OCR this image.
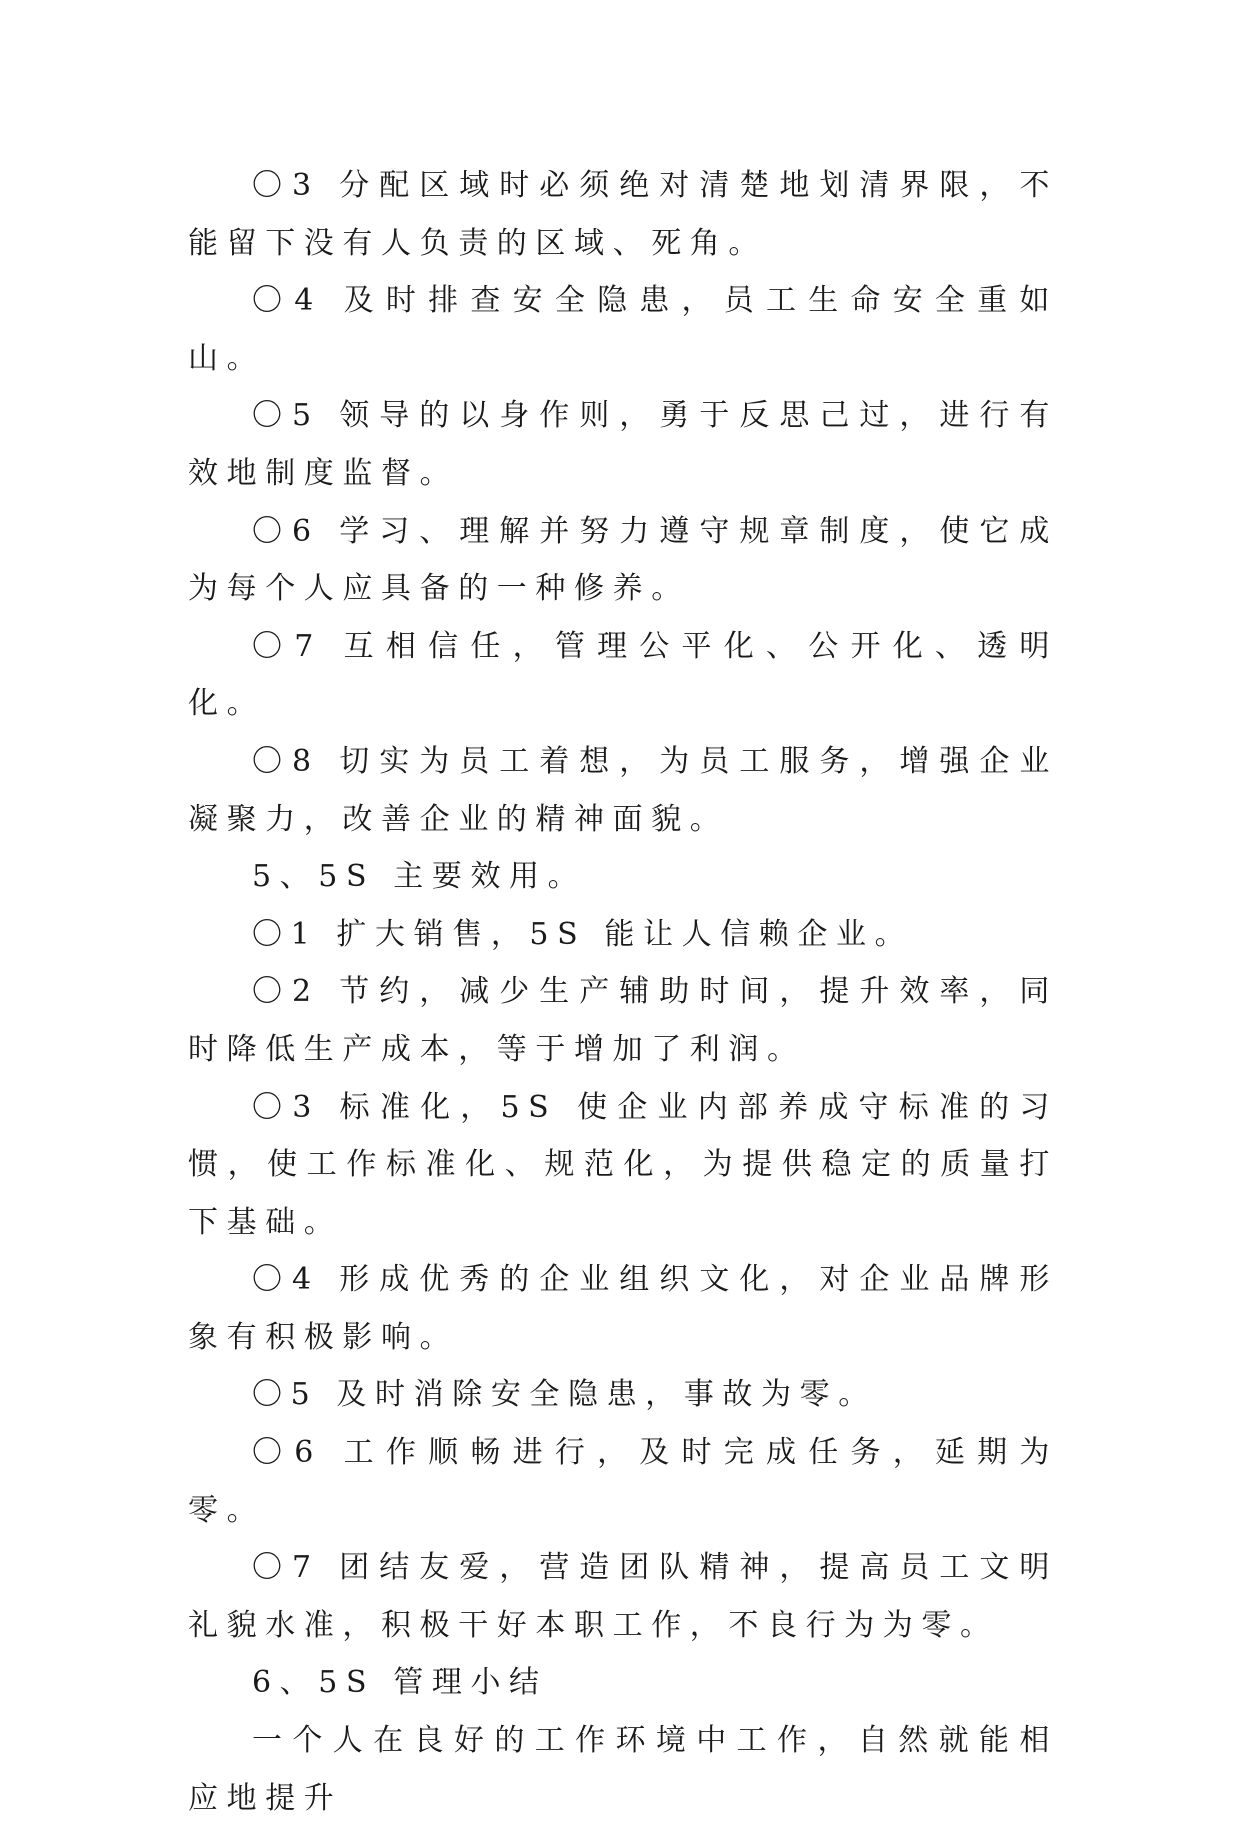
〇3 分配区域时必须绝对清楚地划清界限，不能留下没有人负责的区域、死角。

〇4 及时排查安全隐患，员工生命安全重如山。

〇5 领导的以身作则，勇于反思己过，进行有效地制度监督。

〇6 学习、理解并努力遵守规章制度，使它成为每个人应具备的一种修养。

〇7 互相信任，管理公平化、公开化、透明化。

〇8 切实为员工着想，为员工服务，增强企业凝聚力，改善企业的精神面貌。

5、5S 主要效用。

〇1 扩大销售，5S 能让人信赖企业。

〇2 节约，减少生产辅助时间，提升效率，同时降低生产成本，等于增加了利润。

〇3 标准化，5S 使企业内部养成守标准的习惯，使工作标准化、规范化，为提供稳定的质量打下基础。

〇4 形成优秀的企业组织文化，对企业品牌形象有积极影响。

〇5 及时消除安全隐患，事故为零。

〇6 工作顺畅进行，及时完成任务，延期为零。

〇7 团结友爱，营造团队精神，提高员工文明礼貌水准，积极干好本职工作，不良行为为零。

6、5S 管理小结

一个人在良好的工作环境中工作，自然就能相应地提升
